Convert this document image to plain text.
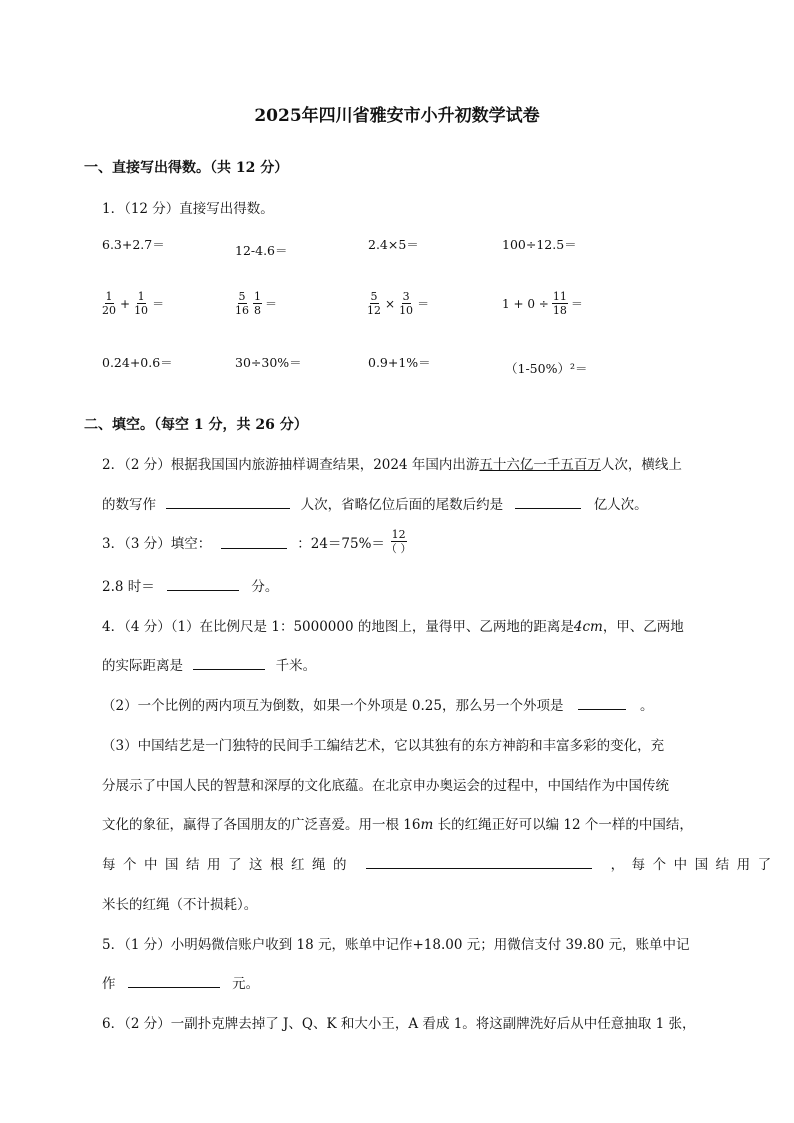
2025年四川省雅安市小升初数学试卷
一、直接写出得数。（共 12 分）
1．（12 分）直接写出得数。
6.3+2.7＝	12-4.6＝	2.4×5＝	100÷12.5＝
$\frac{1}{20} + \frac{1}{10}$ ＝	$\frac{5}{16} \frac{1}{8}$ ＝	$\frac{5}{12} \times \frac{3}{10}$ ＝	$1 + 0 \div \frac{11}{18}$ ＝
0.24+0.6＝	30÷30%＝	0.9+1%＝	（1-50%）²＝
二、填空。（每空 1 分，共 26 分）
2．（2 分）根据我国国内旅游抽样调查结果，2024 年国内出游五十六亿一千五百万人次，横线上
的数写作	人次，省略亿位后面的尾数后约是	亿人次。
3．（3 分）填空：	：$24=75\%= \frac{12}{( )}$
2.8 时＝	分。
4．（4 分）（1）在比例尺是 1：5000000 的地图上，量得甲、乙两地的距离是4cm，甲、乙两地
的实际距离是	千米。
（2）一个比例的两内项互为倒数，如果一个外项是 0.25，那么另一个外项是	。
（3）中国结艺是一门独特的民间手工编结艺术，它以其独有的东方神韵和丰富多彩的变化，充
分展示了中国人民的智慧和深厚的文化底蕴。在北京申办奥运会的过程中，中国结作为中国传统
文化的象征，赢得了各国朋友的广泛喜爱。用一根 16m 长的红绳正好可以编 12 个一样的中国结，
每个中国结用了这根红绳的	，每个中国结用了
米长的红绳（不计损耗）。
5．（1 分）小明妈微信账户收到 18 元，账单中记作+18.00 元；用微信支付 39.80 元，账单中记
作	元。
6．（2 分）一副扑克牌去掉了 J、Q、K 和大小王，A 看成 1。将这副牌洗好后从中任意抽取 1 张，
